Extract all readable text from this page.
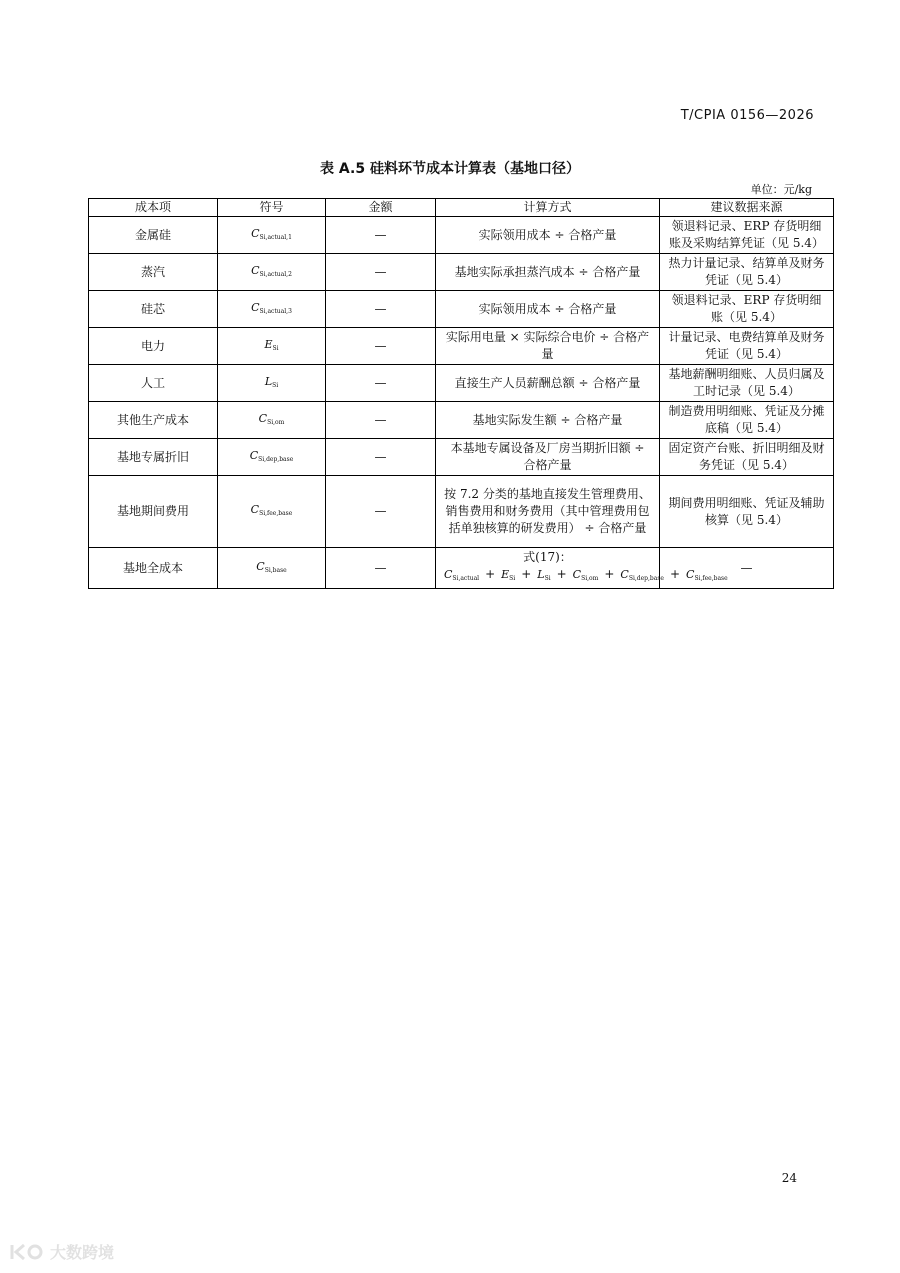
T/CPIA 0156—2026
表 A.5 硅料环节成本计算表（基地口径）
单位：元/kg
成本项	符号	金额	计算方式	建议数据来源
金属硅	$C_{Si,actual,1}$	—	实际领用成本 ÷ 合格产量	领退料记录、ERP 存货明细账及采购结算凭证（见 5.4）
蒸汽	$C_{Si,actual,2}$	—	基地实际承担蒸汽成本 ÷ 合格产量	热力计量记录、结算单及财务凭证（见 5.4）
硅芯	$C_{Si,actual,3}$	—	实际领用成本 ÷ 合格产量	领退料记录、ERP 存货明细账（见 5.4）
电力	$E_{Si}$	—	实际用电量 × 实际综合电价 ÷ 合格产量	计量记录、电费结算单及财务凭证（见 5.4）
人工	$L_{Si}$	—	直接生产人员薪酬总额 ÷ 合格产量	基地薪酬明细账、人员归属及工时记录（见 5.4）
其他生产成本	$C_{Si,om}$	—	基地实际发生额 ÷ 合格产量	制造费用明细账、凭证及分摊底稿（见 5.4）
基地专属折旧	$C_{Si,dep,base}$	—	本基地专属设备及厂房当期折旧额 ÷ 合格产量	固定资产台账、折旧明细及财务凭证（见 5.4）
基地期间费用	$C_{Si,fee,base}$	—	按 7.2 分类的基地直接发生管理费用、销售费用和财务费用（其中管理费用包括单独核算的研发费用） ÷ 合格产量	期间费用明细账、凭证及辅助核算（见 5.4）
基地全成本	$C_{Si,base}$	—	式(17)：$C_{Si,actual} + E_{Si} + L_{Si} + C_{Si,om} + C_{Si,dep,base} + C_{Si,fee,base}$	—
24
大数跨境
